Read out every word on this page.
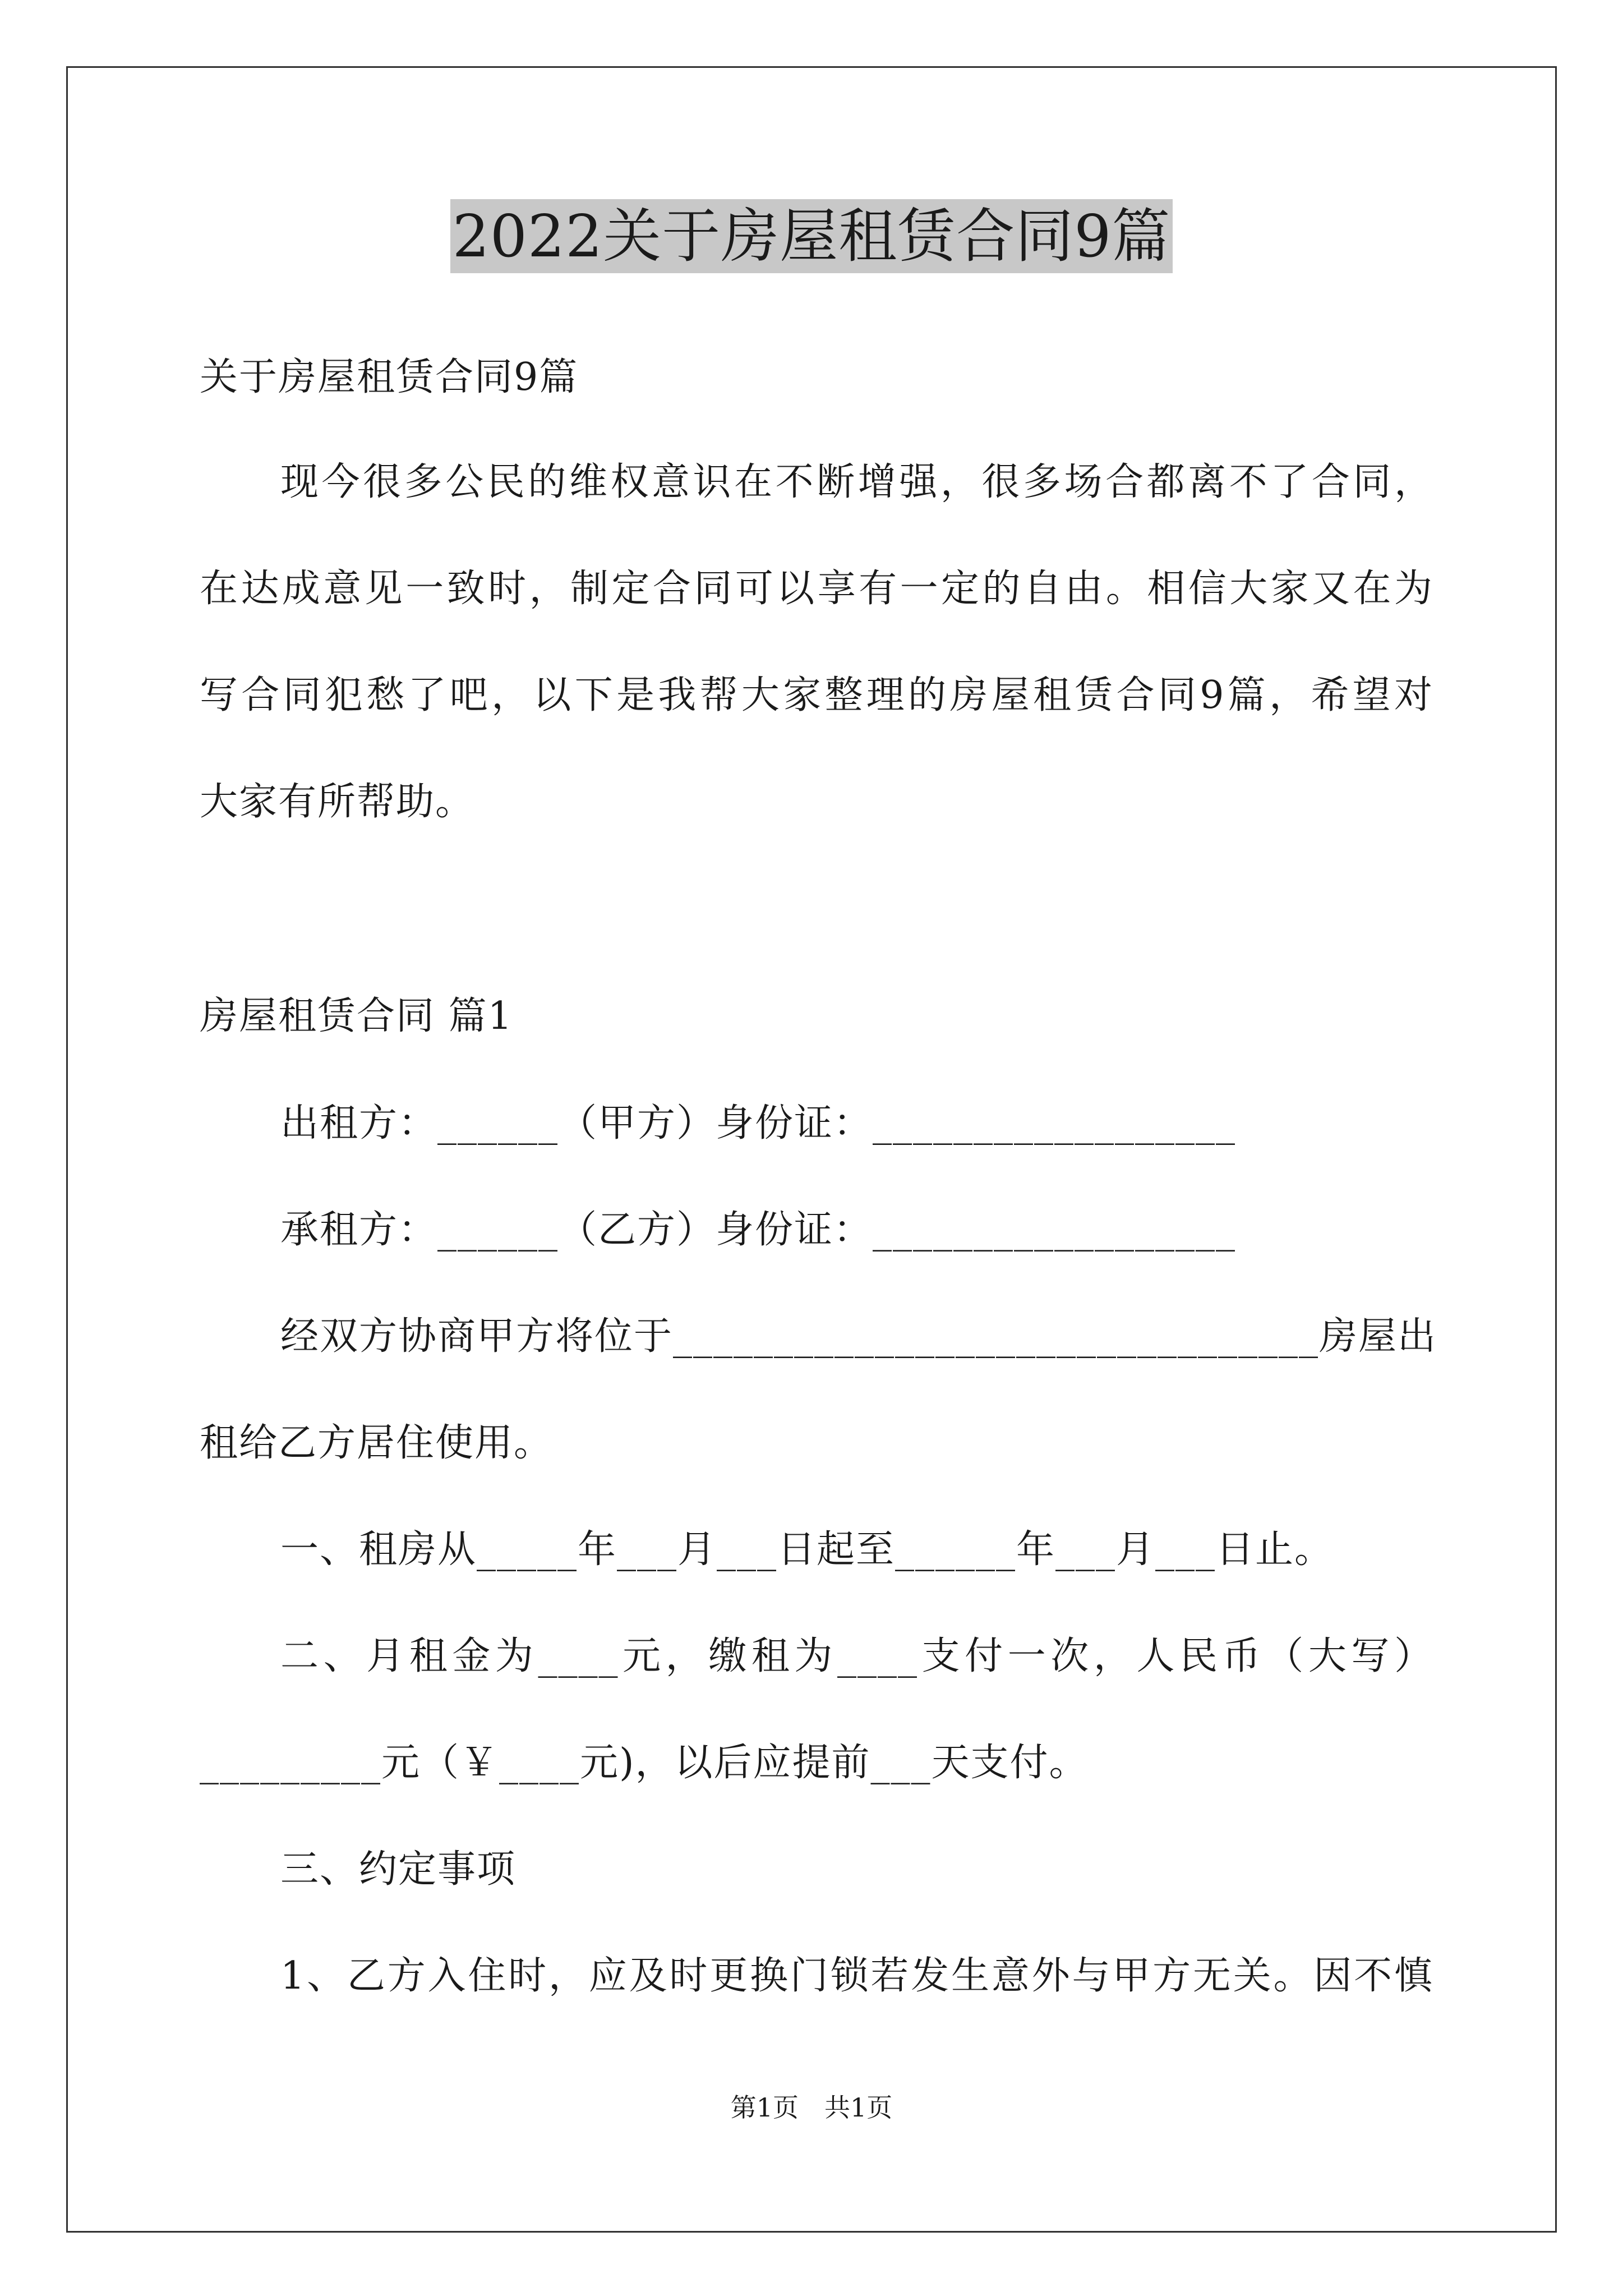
2022关于房屋租赁合同9篇
关于房屋租赁合同9篇
现今很多公民的维权意识在不断增强，很多场合都离不了合同，
在达成意见一致时，制定合同可以享有一定的自由。相信大家又在为
写合同犯愁了吧，以下是我帮大家整理的房屋租赁合同9篇，希望对
大家有所帮助。
房屋租赁合同 篇1
出租方：______（甲方）身份证：__________________
承租方：______（乙方）身份证：__________________
经双方协商甲方将位于________________________________房屋出
租给乙方居住使用。
一、租房从_____年___月___日起至______年___月___日止。
二、月租金为____元，缴租为____支付一次，人民币（大写）
_________元（￥____元)，以后应提前___天支付。
三、约定事项
1、乙方入住时，应及时更换门锁若发生意外与甲方无关。因不慎
第1页　共1页
